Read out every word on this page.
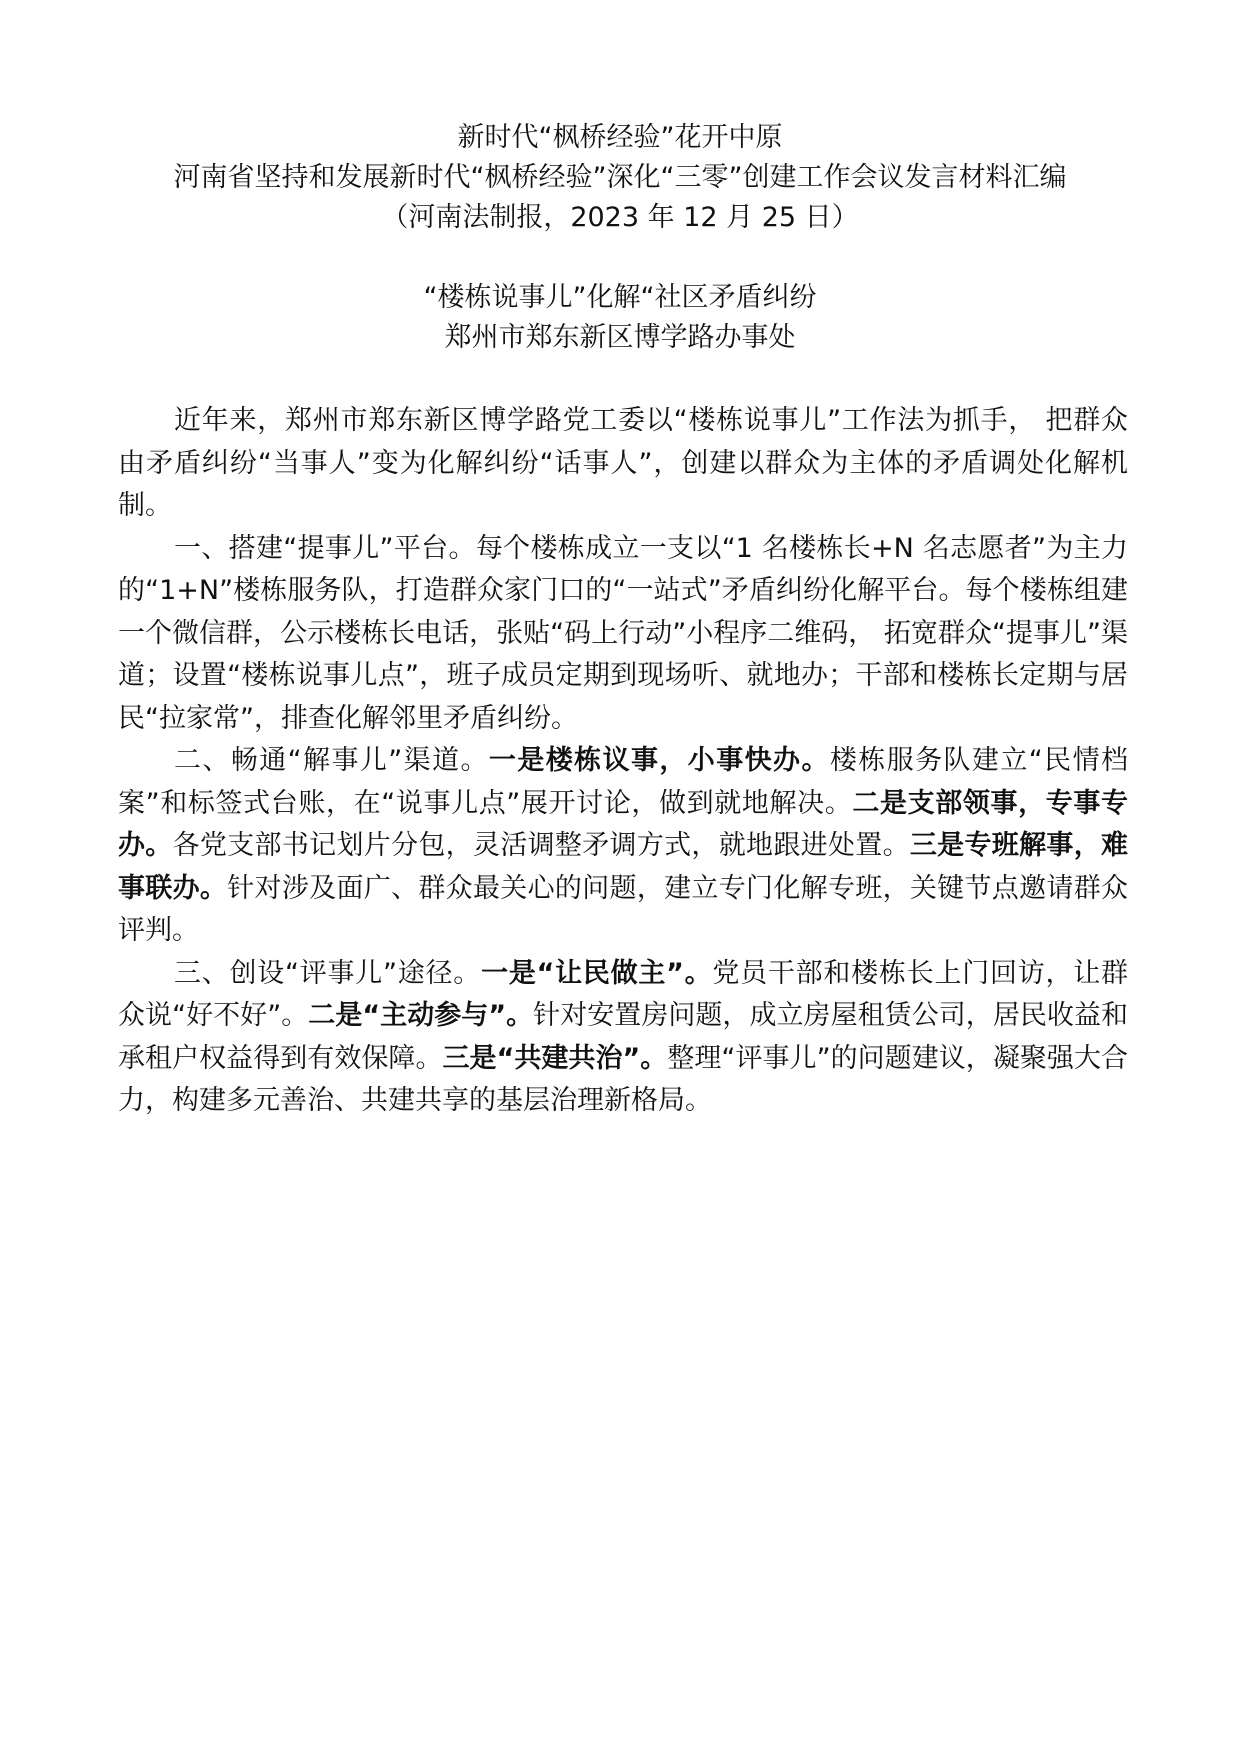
新时代“枫桥经验”花开中原
河南省坚持和发展新时代“枫桥经验”深化“三零”创建工作会议发言材料汇编
（河南法制报，2023 年 12 月 25 日）
“楼栋说事儿”化解“社区矛盾纠纷
郑州市郑东新区博学路办事处

近年来，郑州市郑东新区博学路党工委以“楼栋说事儿”工作法为抓手， 把群众由矛盾纠纷“当事人”变为化解纠纷“话事人”，创建以群众为主体的矛盾调处化解机制。

一、搭建“提事儿”平台。每个楼栋成立一支以“1 名楼栋长+N 名志愿者”为主力的“1+N”楼栋服务队，打造群众家门口的“一站式”矛盾纠纷化解平台。每个楼栋组建一个微信群，公示楼栋长电话，张贴“码上行动”小程序二维码， 拓宽群众“提事儿”渠道；设置“楼栋说事儿点”，班子成员定期到现场听、就地办；干部和楼栋长定期与居民“拉家常”，排查化解邻里矛盾纠纷。

二、畅通“解事儿”渠道。一是楼栋议事，小事快办。楼栋服务队建立“民情档案”和标签式台账，在“说事儿点”展开讨论，做到就地解决。二是支部领事，专事专办。各党支部书记划片分包，灵活调整矛调方式，就地跟进处置。三是专班解事，难事联办。针对涉及面广、群众最关心的问题，建立专门化解专班，关键节点邀请群众评判。

三、创设“评事儿”途径。一是“让民做主”。党员干部和楼栋长上门回访，让群众说“好不好”。二是“主动参与”。针对安置房问题，成立房屋租赁公司，居民收益和承租户权益得到有效保障。三是“共建共治”。整理“评事儿”的问题建议，凝聚强大合力，构建多元善治、共建共享的基层治理新格局。
